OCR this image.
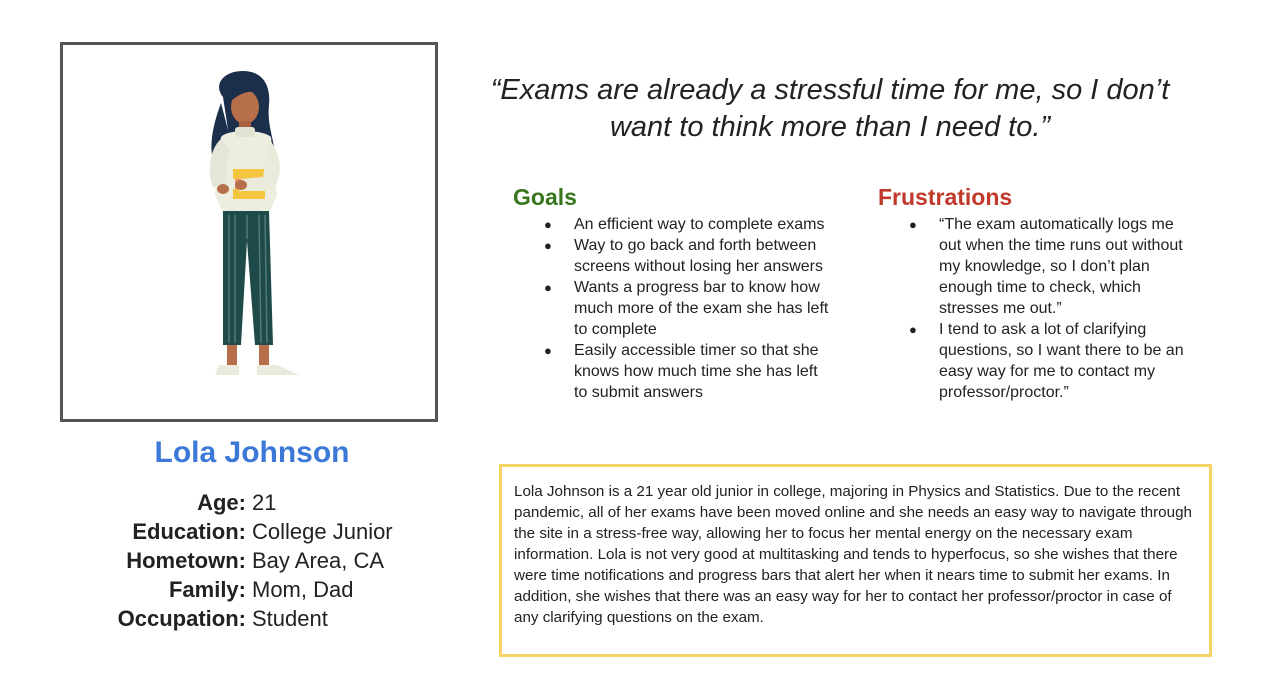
Lola Johnson
Age: 21
Education: College Junior
Hometown: Bay Area, CA
Family: Mom, Dad
Occupation: Student
“Exams are already a stressful time for me, so I don’t want to think more than I need to.”
Goals
● An efficient way to complete exams
● Way to go back and forth between screens without losing her answers
● Wants a progress bar to know how much more of the exam she has left to complete
● Easily accessible timer so that she knows how much time she has left to submit answers
Frustrations
● “The exam automatically logs me out when the time runs out without my knowledge, so I don’t plan enough time to check, which stresses me out.”
● I tend to ask a lot of clarifying questions, so I want there to be an easy way for me to contact my professor/proctor.”
Lola Johnson is a 21 year old junior in college, majoring in Physics and Statistics. Due to the recent pandemic, all of her exams have been moved online and she needs an easy way to navigate through the site in a stress-free way, allowing her to focus her mental energy on the necessary exam information. Lola is not very good at multitasking and tends to hyperfocus, so she wishes that there were time notifications and progress bars that alert her when it nears time to submit her exams. In addition, she wishes that there was an easy way for her to contact her professor/proctor in case of any clarifying questions on the exam.
